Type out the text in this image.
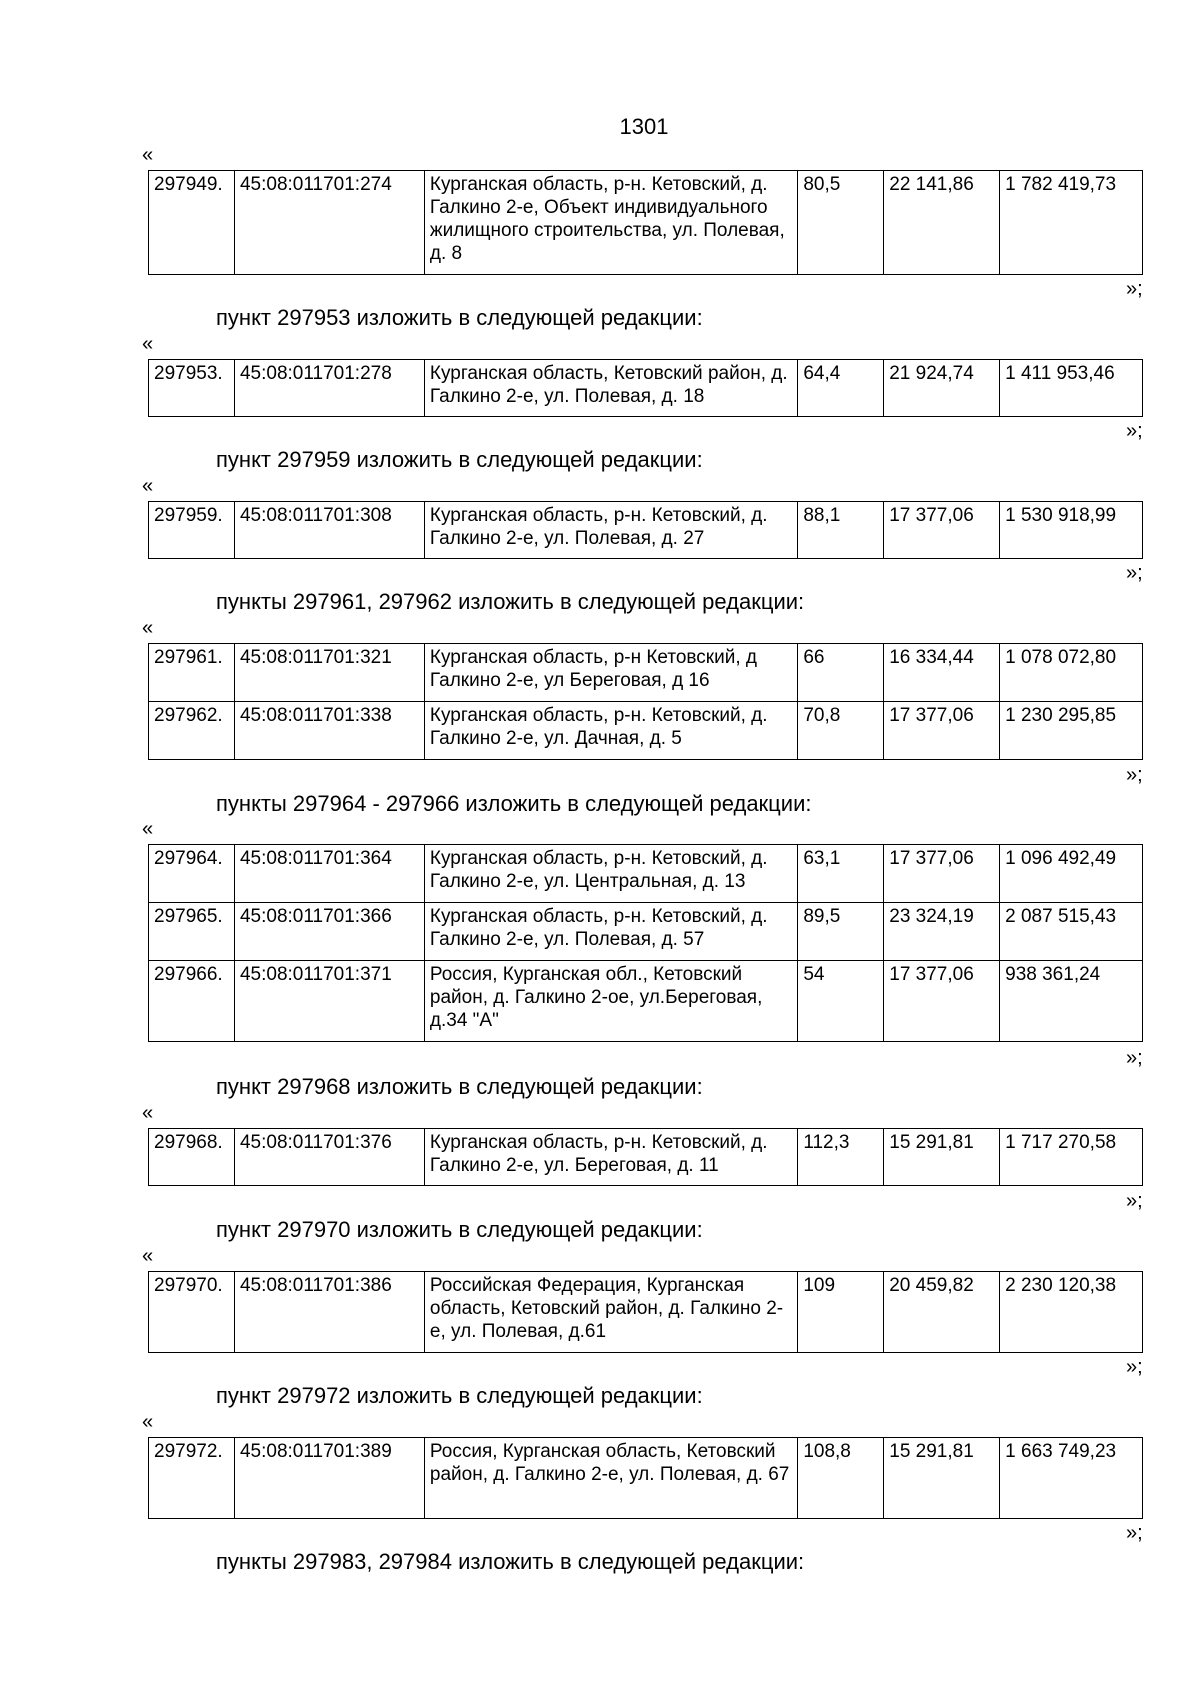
1301
«
297949.	45:08:011701:274	Курганская область, р-н. Кетовский, д. Галкино 2-е, Объект индивидуального жилищного строительства, ул. Полевая, д. 8	80,5	22 141,86	1 782 419,73
»;
пункт 297953 изложить в следующей редакции:
«
297953.	45:08:011701:278	Курганская область, Кетовский район, д. Галкино 2-е, ул. Полевая, д. 18	64,4	21 924,74	1 411 953,46
»;
пункт 297959 изложить в следующей редакции:
«
297959.	45:08:011701:308	Курганская область, р-н. Кетовский, д. Галкино 2-е, ул. Полевая, д. 27	88,1	17 377,06	1 530 918,99
»;
пункты 297961, 297962 изложить в следующей редакции:
«
297961.	45:08:011701:321	Курганская область, р-н Кетовский, д Галкино 2-е, ул Береговая, д 16	66	16 334,44	1 078 072,80
297962.	45:08:011701:338	Курганская область, р-н. Кетовский, д. Галкино 2-е, ул. Дачная, д. 5	70,8	17 377,06	1 230 295,85
»;
пункты 297964 - 297966 изложить в следующей редакции:
«
297964.	45:08:011701:364	Курганская область, р-н. Кетовский, д. Галкино 2-е, ул. Центральная, д. 13	63,1	17 377,06	1 096 492,49
297965.	45:08:011701:366	Курганская область, р-н. Кетовский, д. Галкино 2-е, ул. Полевая, д. 57	89,5	23 324,19	2 087 515,43
297966.	45:08:011701:371	Россия, Курганская обл., Кетовский район, д. Галкино 2-ое, ул.Береговая, д.34 "А"	54	17 377,06	938 361,24
»;
пункт 297968 изложить в следующей редакции:
«
297968.	45:08:011701:376	Курганская область, р-н. Кетовский, д. Галкино 2-е, ул. Береговая, д. 11	112,3	15 291,81	1 717 270,58
»;
пункт 297970 изложить в следующей редакции:
«
297970.	45:08:011701:386	Российская Федерация, Курганская область, Кетовский район, д. Галкино 2-е, ул. Полевая, д.61	109	20 459,82	2 230 120,38
»;
пункт 297972 изложить в следующей редакции:
«
297972.	45:08:011701:389	Россия, Курганская область, Кетовский район, д. Галкино 2-е, ул. Полевая, д. 67	108,8	15 291,81	1 663 749,23
»;
пункты 297983, 297984 изложить в следующей редакции:
